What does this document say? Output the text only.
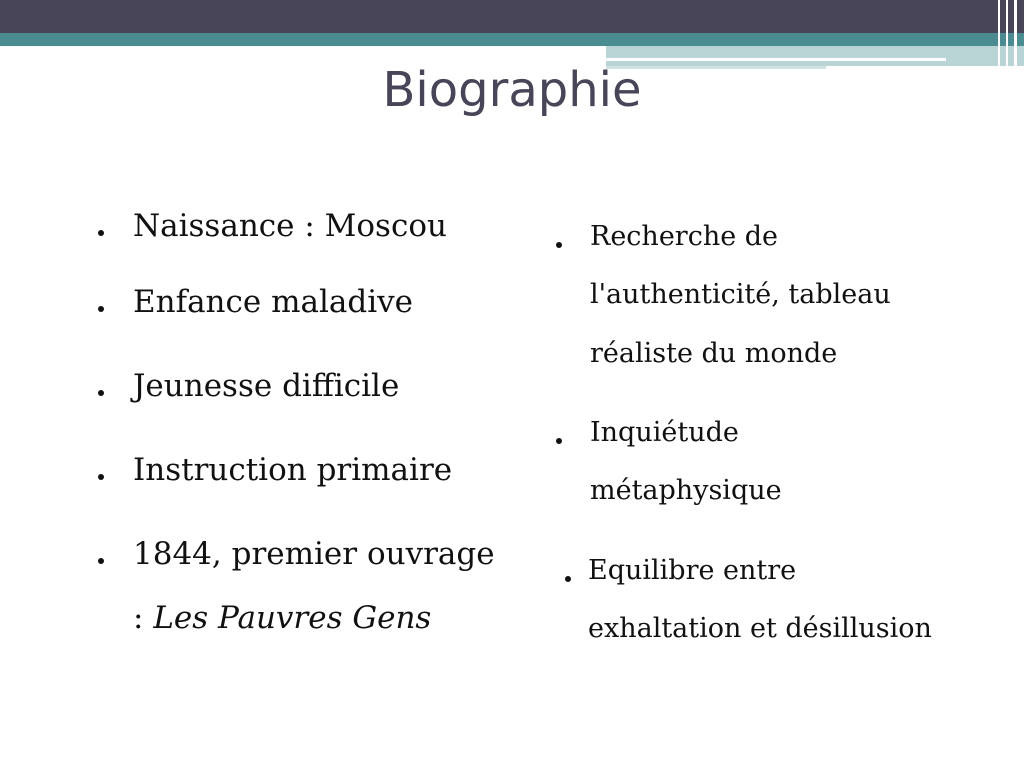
Biographie
Naissance : Moscou
Enfance maladive
Jeunesse difficile
Instruction primaire
1844, premier ouvrage
: Les Pauvres Gens
Recherche de
l'authenticité, tableau
réaliste du monde
Inquiétude
métaphysique
Equilibre entre
exhaltation et désillusion
